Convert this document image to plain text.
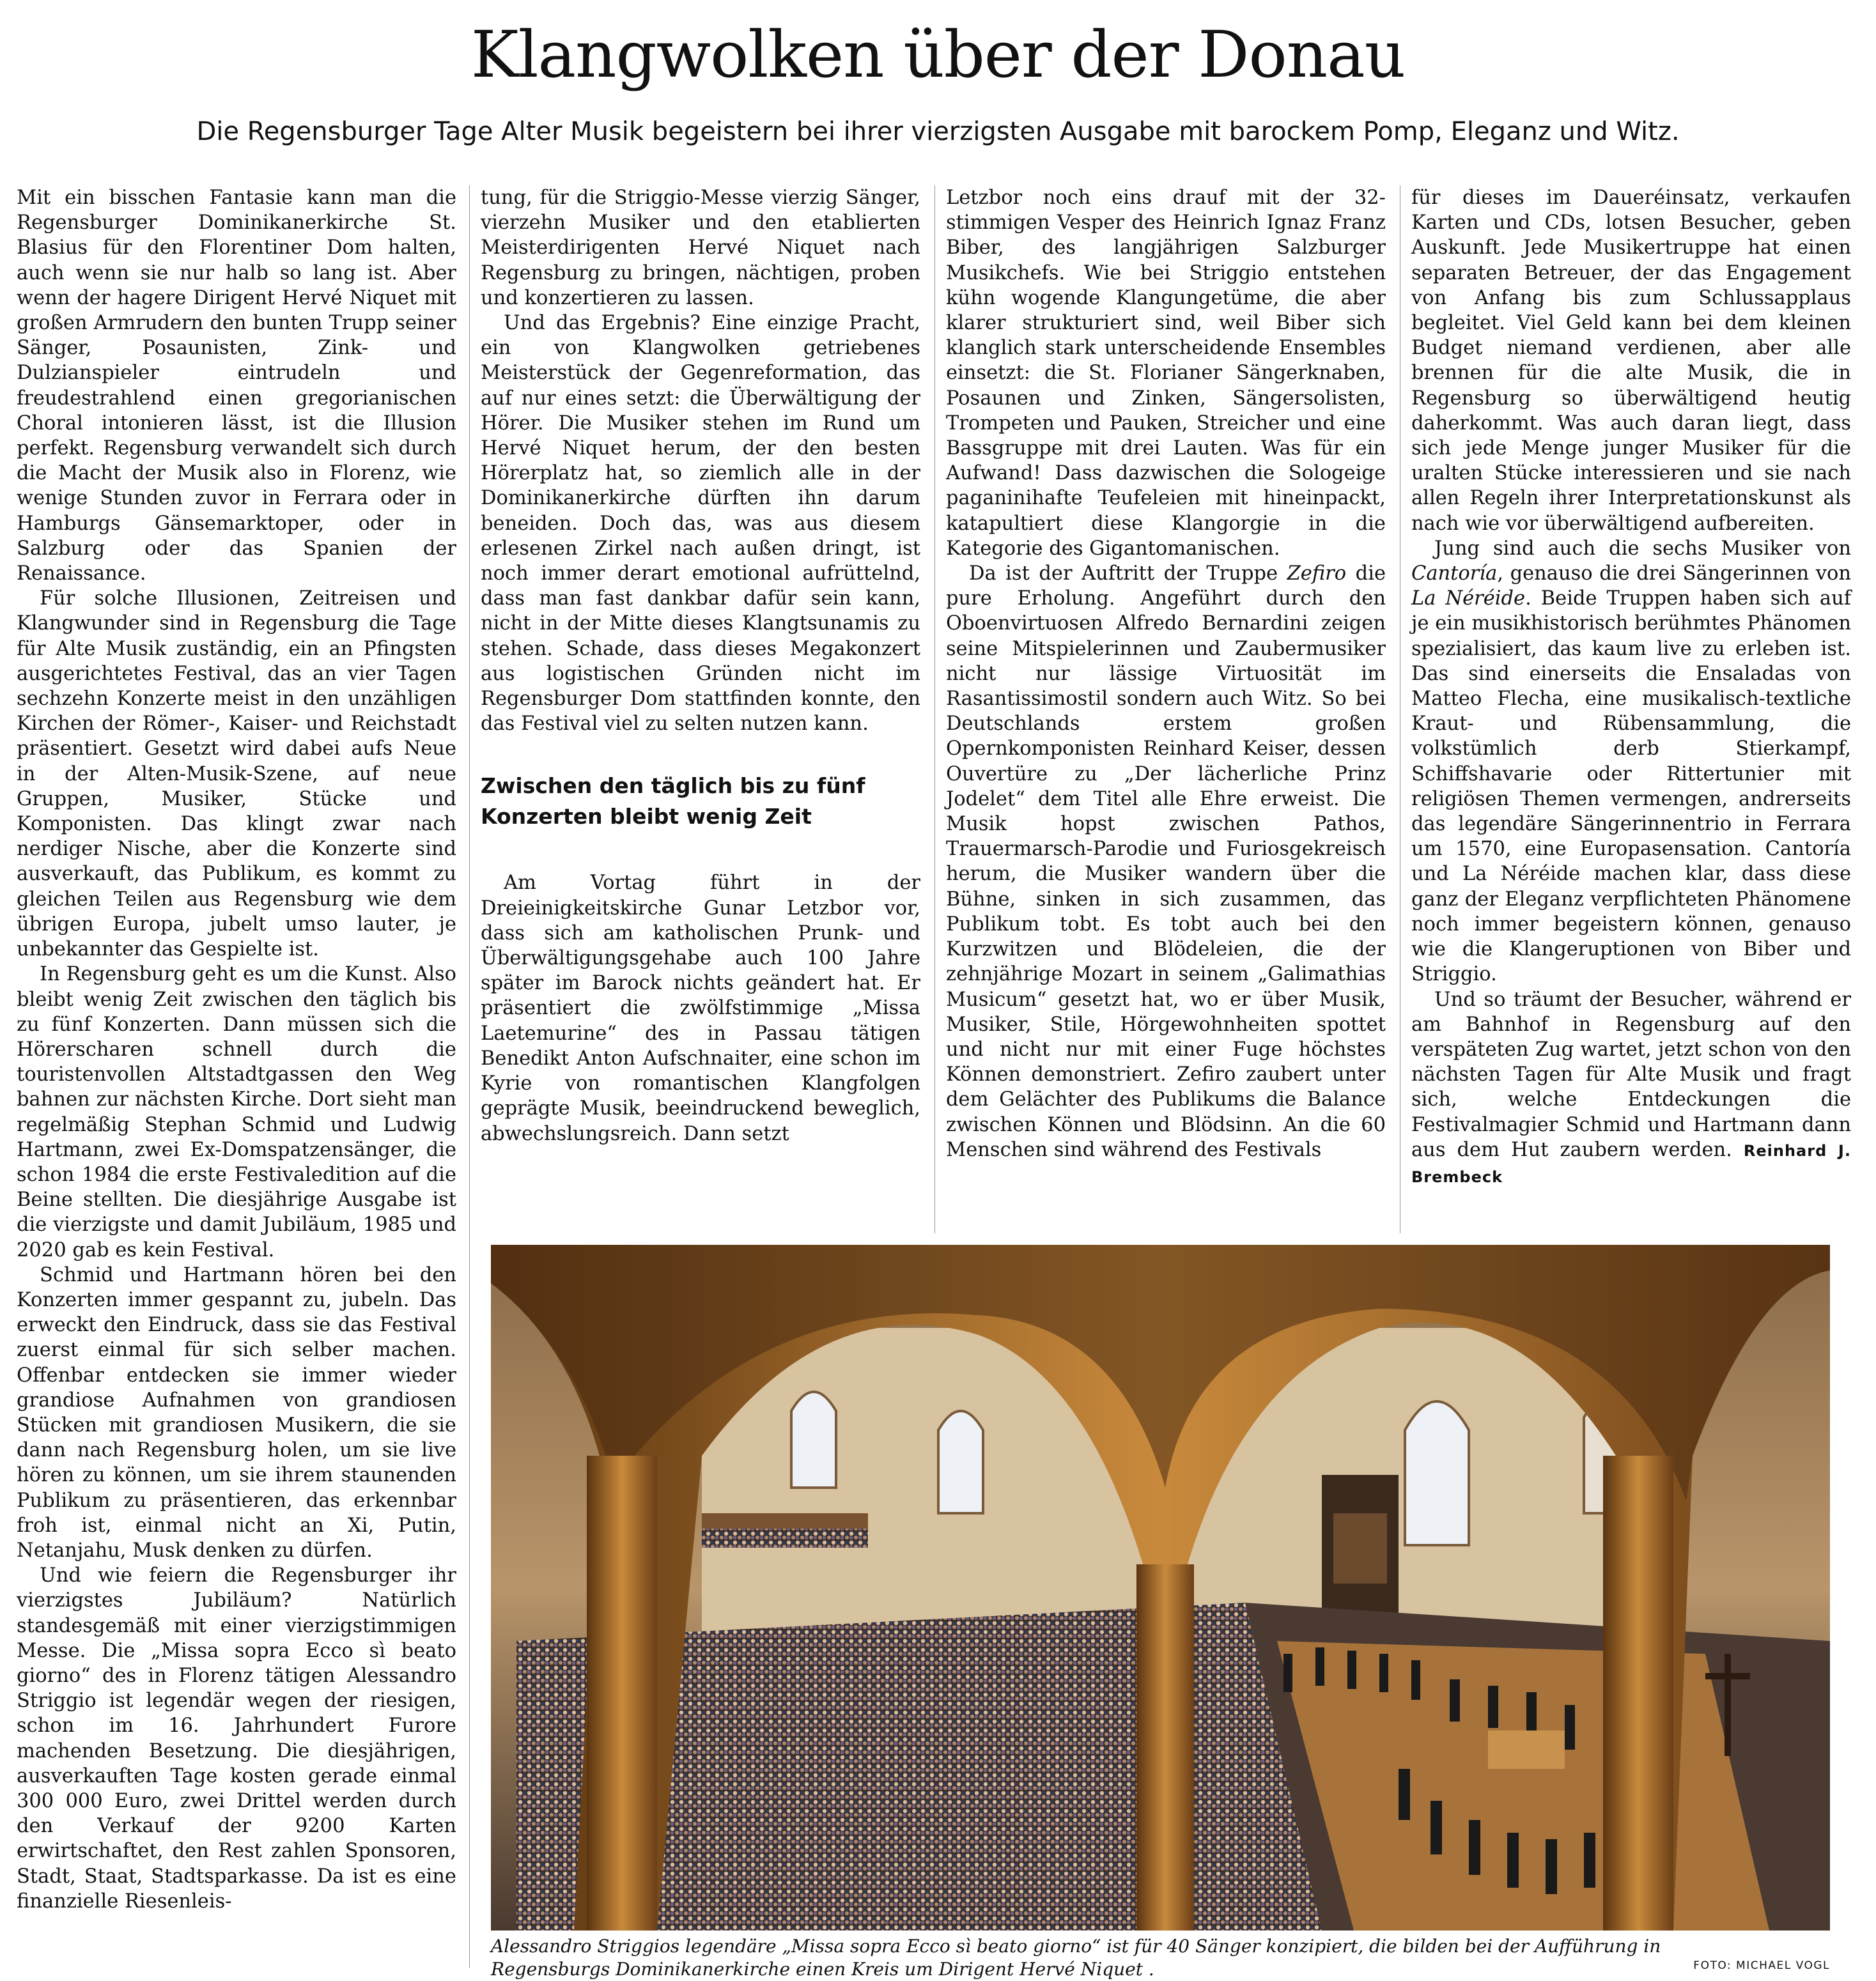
Klangwolken über der Donau

Die Regensburger Tage Alter Musik begeistern bei ihrer vierzigsten Ausgabe mit barockem Pomp, Eleganz und Witz.

Mit ein bisschen Fantasie kann man die Regensburger Dominikanerkirche St. Blasius für den Florentiner Dom halten, auch wenn sie nur halb so lang ist. Aber wenn der hagere Dirigent Hervé Niquet mit großen Armrudern den bunten Trupp seiner Sänger, Posaunisten, Zink- und Dulzianspieler eintrudeln und freudestrahlend einen gregorianischen Choral intonieren lässt, ist die Illusion perfekt. Regensburg verwandelt sich durch die Macht der Musik also in Florenz, wie wenige Stunden zuvor in Ferrara oder in Hamburgs Gänsemarktoper, oder in Salzburg oder das Spanien der Renaissance.

Für solche Illusionen, Zeitreisen und Klangwunder sind in Regensburg die Tage für Alte Musik zuständig, ein an Pfingsten ausgerichtetes Festival, das an vier Tagen sechzehn Konzerte meist in den unzähligen Kirchen der Römer-, Kaiser- und Reichstadt präsentiert. Gesetzt wird dabei aufs Neue in der Alten-Musik-Szene, auf neue Gruppen, Musiker, Stücke und Komponisten. Das klingt zwar nach nerdiger Nische, aber die Konzerte sind ausverkauft, das Publikum, es kommt zu gleichen Teilen aus Regensburg wie dem übrigen Europa, jubelt umso lauter, je unbekannter das Gespielte ist.

In Regensburg geht es um die Kunst. Also bleibt wenig Zeit zwischen den täglich bis zu fünf Konzerten. Dann müssen sich die Hörerscharen schnell durch die touristenvollen Altstadtgassen den Weg bahnen zur nächsten Kirche. Dort sieht man regelmäßig Stephan Schmid und Ludwig Hartmann, zwei Ex-Domspatzensänger, die schon 1984 die erste Festivaledition auf die Beine stellten. Die diesjährige Ausgabe ist die vierzigste und damit Jubiläum, 1985 und 2020 gab es kein Festival.

Schmid und Hartmann hören bei den Konzerten immer gespannt zu, jubeln. Das erweckt den Eindruck, dass sie das Festival zuerst einmal für sich selber machen. Offenbar entdecken sie immer wieder grandiose Aufnahmen von grandiosen Stücken mit grandiosen Musikern, die sie dann nach Regensburg holen, um sie live hören zu können, um sie ihrem staunenden Publikum zu präsentieren, das erkennbar froh ist, einmal nicht an Xi, Putin, Netanjahu, Musk denken zu dürfen.

Und wie feiern die Regensburger ihr vierzigstes Jubiläum? Natürlich standesgemäß mit einer vierzigstimmigen Messe. Die „Missa sopra Ecco sì beato giorno“ des in Florenz tätigen Alessandro Striggio ist legendär wegen der riesigen, schon im 16. Jahrhundert Furore machenden Besetzung. Die diesjährigen, ausverkauften Tage kosten gerade einmal 300 000 Euro, zwei Drittel werden durch den Verkauf der 9200 Karten erwirtschaftet, den Rest zahlen Sponsoren, Stadt, Staat, Stadtsparkasse. Da ist es eine finanzielle Riesenleis-

tung, für die Striggio-Messe vierzig Sänger, vierzehn Musiker und den etablierten Meisterdirigenten Hervé Niquet nach Regensburg zu bringen, nächtigen, proben und konzertieren zu lassen.

Und das Ergebnis? Eine einzige Pracht, ein von Klangwolken getriebenes Meisterstück der Gegenreformation, das auf nur eines setzt: die Überwältigung der Hörer. Die Musiker stehen im Rund um Hervé Niquet herum, der den besten Hörerplatz hat, so ziemlich alle in der Dominikanerkirche dürften ihn darum beneiden. Doch das, was aus diesem erlesenen Zirkel nach außen dringt, ist noch immer derart emotional aufrüttelnd, dass man fast dankbar dafür sein kann, nicht in der Mitte dieses Klangtsunamis zu stehen. Schade, dass dieses Megakonzert aus logistischen Gründen nicht im Regensburger Dom stattfinden konnte, den das Festival viel zu selten nutzen kann.

Zwischen den täglich bis zu fünf Konzerten bleibt wenig Zeit

Am Vortag führt in der Dreieinigkeitskirche Gunar Letzbor vor, dass sich am katholischen Prunk- und Überwältigungsgehabe auch 100 Jahre später im Barock nichts geändert hat. Er präsentiert die zwölfstimmige „Missa Laetemurine“ des in Passau tätigen Benedikt Anton Aufschnaiter, eine schon im Kyrie von romantischen Klangfolgen geprägte Musik, beeindruckend beweglich, abwechslungsreich. Dann setzt

Letzbor noch eins drauf mit der 32-stimmigen Vesper des Heinrich Ignaz Franz Biber, des langjährigen Salzburger Musikchefs. Wie bei Striggio entstehen kühn wogende Klangungetüme, die aber klarer strukturiert sind, weil Biber sich klanglich stark unterscheidende Ensembles einsetzt: die St. Florianer Sängerknaben, Posaunen und Zinken, Sängersolisten, Trompeten und Pauken, Streicher und eine Bassgruppe mit drei Lauten. Was für ein Aufwand! Dass dazwischen die Sologeige paganinihafte Teufeleien mit hineinpackt, katapultiert diese Klangorgie in die Kategorie des Gigantomanischen.

Da ist der Auftritt der Truppe Zefiro die pure Erholung. Angeführt durch den Oboenvirtuosen Alfredo Bernardini zeigen seine Mitspielerinnen und Zaubermusiker nicht nur lässige Virtuosität im Rasantissimostil sondern auch Witz. So bei Deutschlands erstem großen Opernkomponisten Reinhard Keiser, dessen Ouvertüre zu „Der lächerliche Prinz Jodelet“ dem Titel alle Ehre erweist. Die Musik hopst zwischen Pathos, Trauermarsch-Parodie und Furiosgekreisch herum, die Musiker wandern über die Bühne, sinken in sich zusammen, das Publikum tobt. Es tobt auch bei den Kurzwitzen und Blödeleien, die der zehnjährige Mozart in seinem „Galimathias Musicum“ gesetzt hat, wo er über Musik, Musiker, Stile, Hörgewohnheiten spottet und nicht nur mit einer Fuge höchstes Können demonstriert. Zefiro zaubert unter dem Gelächter des Publikums die Balance zwischen Können und Blödsinn. An die 60 Menschen sind während des Festivals

für dieses im Daueréinsatz, verkaufen Karten und CDs, lotsen Besucher, geben Auskunft. Jede Musikertruppe hat einen separaten Betreuer, der das Engagement von Anfang bis zum Schlussapplaus begleitet. Viel Geld kann bei dem kleinen Budget niemand verdienen, aber alle brennen für die alte Musik, die in Regensburg so überwältigend heutig daherkommt. Was auch daran liegt, dass sich jede Menge junger Musiker für die uralten Stücke interessieren und sie nach allen Regeln ihrer Interpretationskunst als nach wie vor überwältigend aufbereiten.

Jung sind auch die sechs Musiker von Cantoría, genauso die drei Sängerinnen von La Néréide. Beide Truppen haben sich auf je ein musikhistorisch berühmtes Phänomen spezialisiert, das kaum live zu erleben ist. Das sind einerseits die Ensaladas von Matteo Flecha, eine musikalisch-textliche Kraut- und Rübensammlung, die volkstümlich derb Stierkampf, Schiffshavarie oder Rittertunier mit religiösen Themen vermengen, andrerseits das legendäre Sängerinnentrio in Ferrara um 1570, eine Europasensation. Cantoría und La Néréide machen klar, dass diese ganz der Eleganz verpflichteten Phänomene noch immer begeistern können, genauso wie die Klangeruptionen von Biber und Striggio.

Und so träumt der Besucher, während er am Bahnhof in Regensburg auf den verspäteten Zug wartet, jetzt schon von den nächsten Tagen für Alte Musik und fragt sich, welche Entdeckungen die Festivalmagier Schmid und Hartmann dann aus dem Hut zaubern werden. Reinhard J. Brembeck

Alessandro Striggios legendäre „Missa sopra Ecco sì beato giorno“ ist für 40 Sänger konzipiert, die bilden bei der Aufführung in Regensburgs Dominikanerkirche einen Kreis um Dirigent Hervé Niquet .	FOTO: MICHAEL VOGL
